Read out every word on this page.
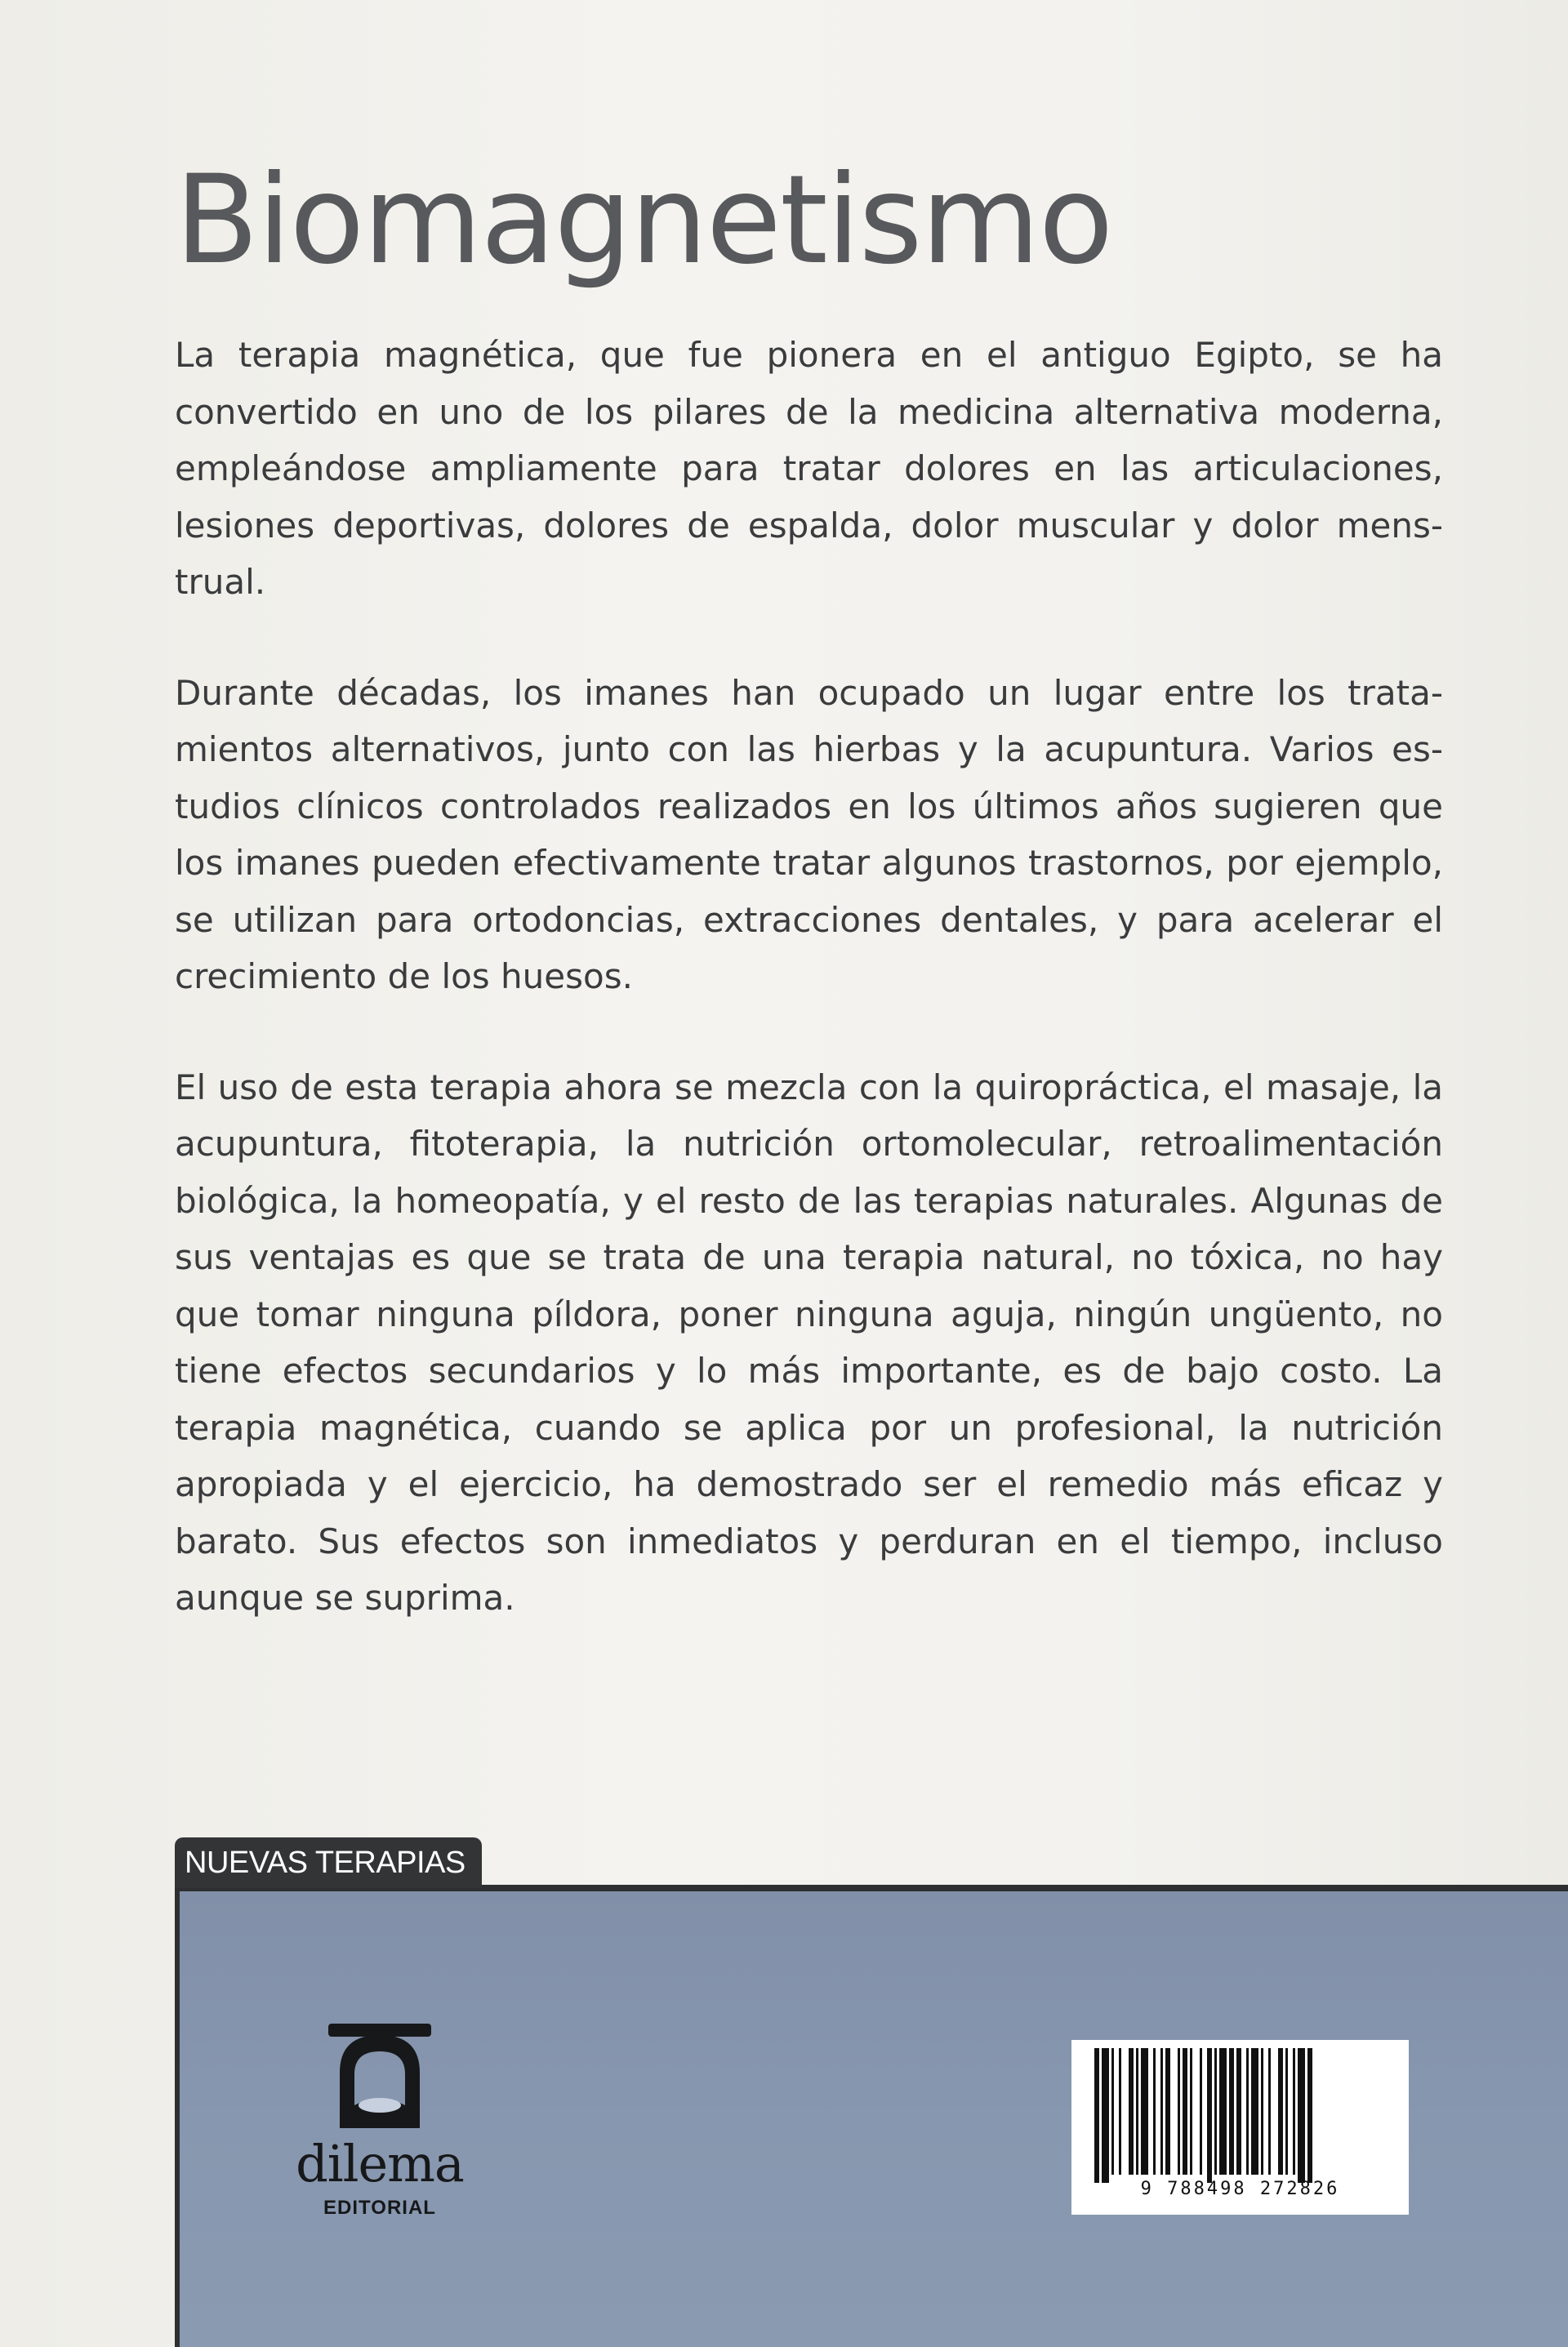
Biomagnetismo

La terapia magnética, que fue pionera en el antiguo Egipto, se ha convertido en uno de los pilares de la medicina alternativa moderna, empleándose ampliamente para tratar dolores en las articulaciones, lesiones deportivas, dolores de espalda, dolor muscular y dolor menstrual.

Durante décadas, los imanes han ocupado un lugar entre los tratamientos alternativos, junto con las hierbas y la acupuntura. Varios estudios clínicos controlados realizados en los últimos años sugieren que los imanes pueden efectivamente tratar algunos trastornos, por ejemplo, se utilizan para ortodoncias, extracciones dentales, y para acelerar el crecimiento de los huesos.

El uso de esta terapia ahora se mezcla con la quiropráctica, el masaje, la acupuntura, fitoterapia, la nutrición ortomolecular, retroalimentación biológica, la homeopatía, y el resto de las terapias naturales. Algunas de sus ventajas es que se trata de una terapia natural, no tóxica, no hay que tomar ninguna píldora, poner ninguna aguja, ningún ungüento, no tiene efectos secundarios y lo más importante, es de bajo costo. La terapia magnética, cuando se aplica por un profesional, la nutrición apropiada y el ejercicio, ha demostrado ser el remedio más eficaz y barato. Sus efectos son inmediatos y perduran en el tiempo, incluso aunque se suprima.

NUEVAS TERAPIAS
dilema
EDITORIAL
9 788498 272826
